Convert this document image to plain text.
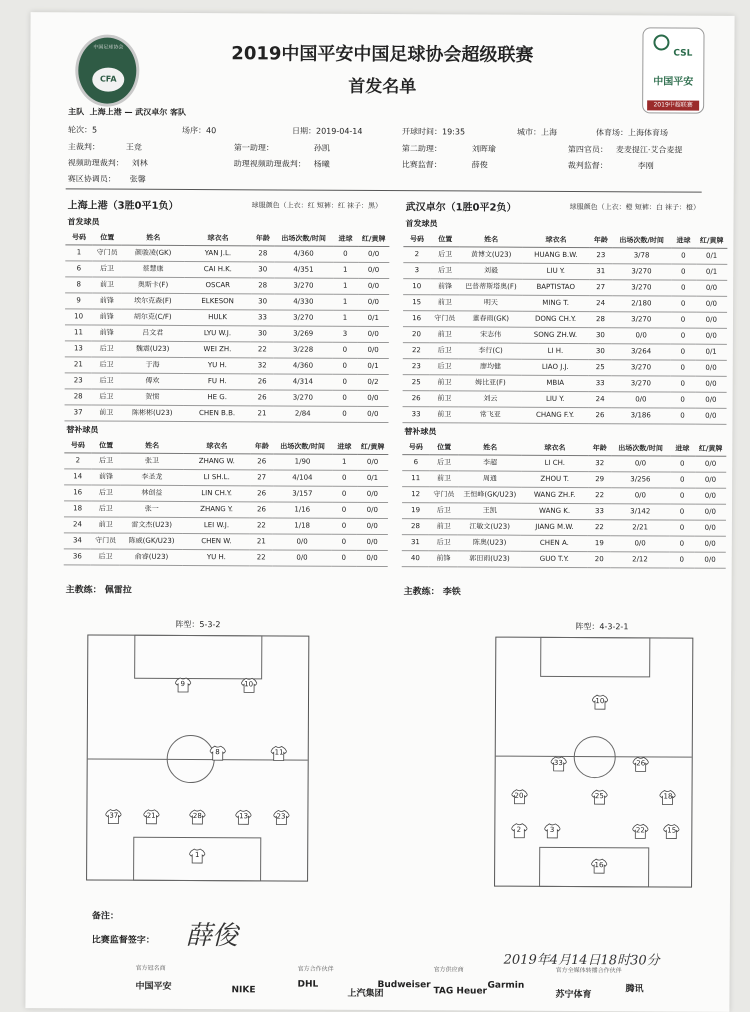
中国足球协会
CFA
CSL
中国平安
2019中超联赛
2019中国平安中国足球协会超级联赛
首发名单
主队 上海上港 — 武汉卓尔 客队
轮次：5	场序：40	日期：2019-04-14	开球时间：19:35	城市：上海	体育场：上海体育场
主裁判：	王竞	第一助理：	孙凯	第二助理：	刘晖瑜	第四官员： 麦麦提江·艾合麦提
视频助理裁判： 刘林	助理视频助理裁判： 杨曦	比赛监督：	薛俊	裁判监督：	李刚
赛区协调员： 张馨
上海上港（3胜0平1负）	球服颜色（上衣：红 短裤：红 袜子：黑） 武汉卓尔（1胜0平2负）	球服颜色（上衣：橙 短裤：白 袜子：橙）
首发球员	首发球员
号码	位置	姓名	球衣名	年龄	出场次数/时间	进球	红/黄牌
1	守门员	颜骏凌(GK)	YAN J.L.	28	4/360	0	0/0
6	后卫	蔡慧康	CAI H.K.	30	4/351	1	0/0
8	前卫	奥斯卡(F)	OSCAR	28	3/270	1	0/0
9	前锋	埃尔克森(F)	ELKESON	30	4/330	1	0/0
10	前锋	胡尔克(C/F)	HULK	33	3/270	1	0/1
11	前锋	吕文君	LYU W.J.	30	3/269	3	0/0
13	后卫	魏震(U23)	WEI ZH.	22	3/228	0	0/0
21	后卫	于海	YU H.	32	4/360	0	0/1
23	后卫	傅欢	FU H.	26	4/314	0	0/2
28	后卫	贺惯	HE G.	26	3/270	0	0/0
37	前卫	陈彬彬(U23)	CHEN B.B.	21	2/84	0	0/0
号码	位置	姓名	球衣名	年龄	出场次数/时间	进球	红/黄牌
2	后卫	黄博文(U23)	HUANG B.W.	23	3/78	0	0/1
3	后卫	刘毅	LIU Y.	31	3/270	0	0/1
10	前锋	巴普蒂斯塔奥(F)	BAPTISTAO	27	3/270	0	0/0
15	前卫	明天	MING T.	24	2/180	0	0/0
16	守门员	董春雨(GK)	DONG CH.Y.	28	3/270	0	0/0
20	前卫	宋志伟	SONG ZH.W.	30	0/0	0	0/0
22	后卫	李行(C)	LI H.	30	3/264	0	0/1
23	后卫	廖均健	LIAO J.J.	25	3/270	0	0/0
25	前卫	姆比亚(F)	MBIA	33	3/270	0	0/0
26	前卫	刘云	LIU Y.	24	0/0	0	0/0
33	前卫	常飞亚	CHANG F.Y.	26	3/186	0	0/0
替补球员	替补球员
号码	位置	姓名	球衣名	年龄	出场次数/时间	进球	红/黄牌
2	后卫	张卫	ZHANG W.	26	1/90	1	0/0
14	前锋	李圣龙	LI SH.L.	27	4/104	0	0/1
16	后卫	林创益	LIN CH.Y.	26	3/157	0	0/0
18	后卫	张一	ZHANG Y.	26	1/16	0	0/0
24	前卫	雷文杰(U23)	LEI W.J.	22	1/18	0	0/0
34	守门员	陈威(GK/U23)	CHEN W.	21	0/0	0	0/0
36	后卫	俞睿(U23)	YU H.	22	0/0	0	0/0
号码	位置	姓名	球衣名	年龄	出场次数/时间	进球	红/黄牌
6	后卫	李超	LI CH.	32	0/0	0	0/0
11	前卫	周通	ZHOU T.	29	3/256	0	0/0
12	守门员	王恒峰(GK/U23)	WANG ZH.F.	22	0/0	0	0/0
19	后卫	王凯	WANG K.	33	3/142	0	0/0
28	前卫	江敏文(U23)	JIANG M.W.	22	2/21	0	0/0
31	后卫	陈奥(U23)	CHEN A.	19	0/0	0	0/0
40	前锋	郭田雨(U23)	GUO T.Y.	20	2/12	0	0/0
主教练： 佩雷拉	主教练： 李铁
阵型：5-3-2	阵型：4-3-2-1
9	10
8	11
37	21	28	13	23
1
10
33	26
20	25	18
2	3	22	15
16
备注：
比赛监督签字： 薛俊
2019年4月14日18时30分
官方冠名商
中国平安	NIKE
官方合作伙伴
DHL
上汽集团
Budweiser
官方供应商
TAG Heuer
Garmin
官方全媒体转播合作伙伴
苏宁体育
腾讯
